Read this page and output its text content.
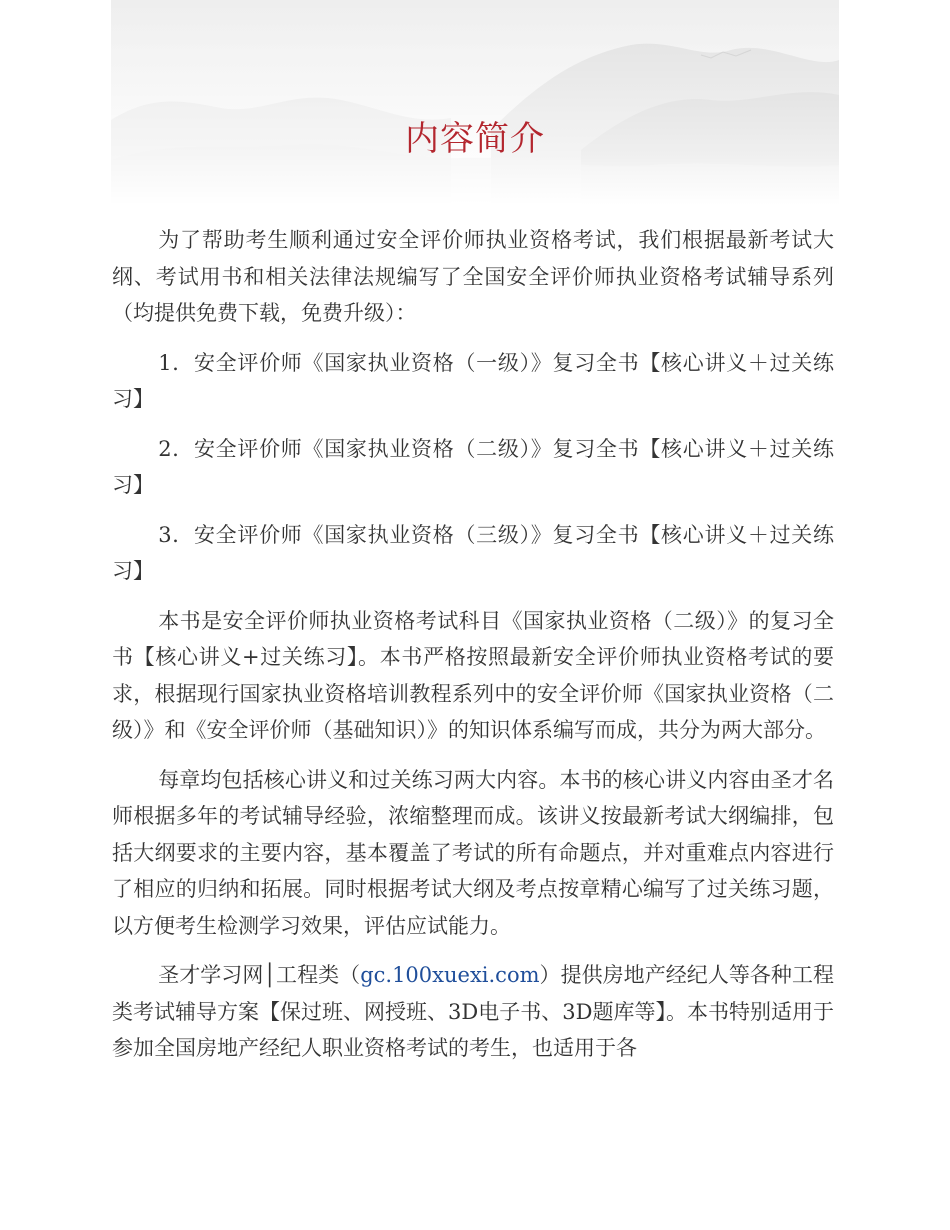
内容简介

为了帮助考生顺利通过安全评价师执业资格考试，我们根据最新考试大纲、考试用书和相关法律法规编写了全国安全评价师执业资格考试辅导系列（均提供免费下载，免费升级）：

1．安全评价师《国家执业资格（一级）》复习全书【核心讲义＋过关练习】

2．安全评价师《国家执业资格（二级）》复习全书【核心讲义＋过关练习】

3．安全评价师《国家执业资格（三级）》复习全书【核心讲义＋过关练习】

本书是安全评价师执业资格考试科目《国家执业资格（二级）》的复习全书【核心讲义+过关练习】。本书严格按照最新安全评价师执业资格考试的要求，根据现行国家执业资格培训教程系列中的安全评价师《国家执业资格（二级）》和《安全评价师（基础知识）》的知识体系编写而成，共分为两大部分。

每章均包括核心讲义和过关练习两大内容。本书的核心讲义内容由圣才名师根据多年的考试辅导经验，浓缩整理而成。该讲义按最新考试大纲编排，包括大纲要求的主要内容，基本覆盖了考试的所有命题点，并对重难点内容进行了相应的归纳和拓展。同时根据考试大纲及考点按章精心编写了过关练习题，以方便考生检测学习效果，评估应试能力。

圣才学习网│工程类（gc.100xuexi.com）提供房地产经纪人等各种工程类考试辅导方案【保过班、网授班、3D电子书、3D题库等】。本书特别适用于参加全国房地产经纪人职业资格考试的考生，也适用于各
